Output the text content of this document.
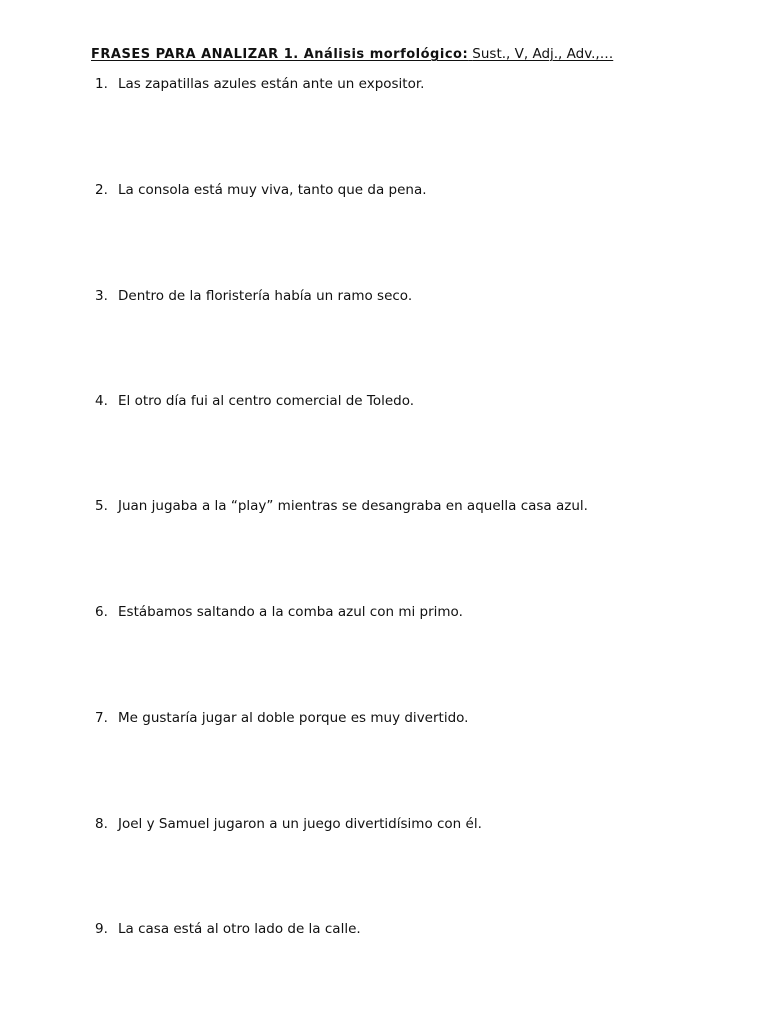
FRASES PARA ANALIZAR 1. Análisis morfológico: Sust., V, Adj., Adv.,…
1. Las zapatillas azules están ante un expositor.
2. La consola está muy viva, tanto que da pena.
3. Dentro de la floristería había un ramo seco.
4. El otro día fui al centro comercial de Toledo.
5. Juan jugaba a la “play” mientras se desangraba en aquella casa azul.
6. Estábamos saltando a la comba azul con mi primo.
7. Me gustaría jugar al doble porque es muy divertido.
8. Joel y Samuel jugaron a un juego divertidísimo con él.
9. La casa está al otro lado de la calle.
